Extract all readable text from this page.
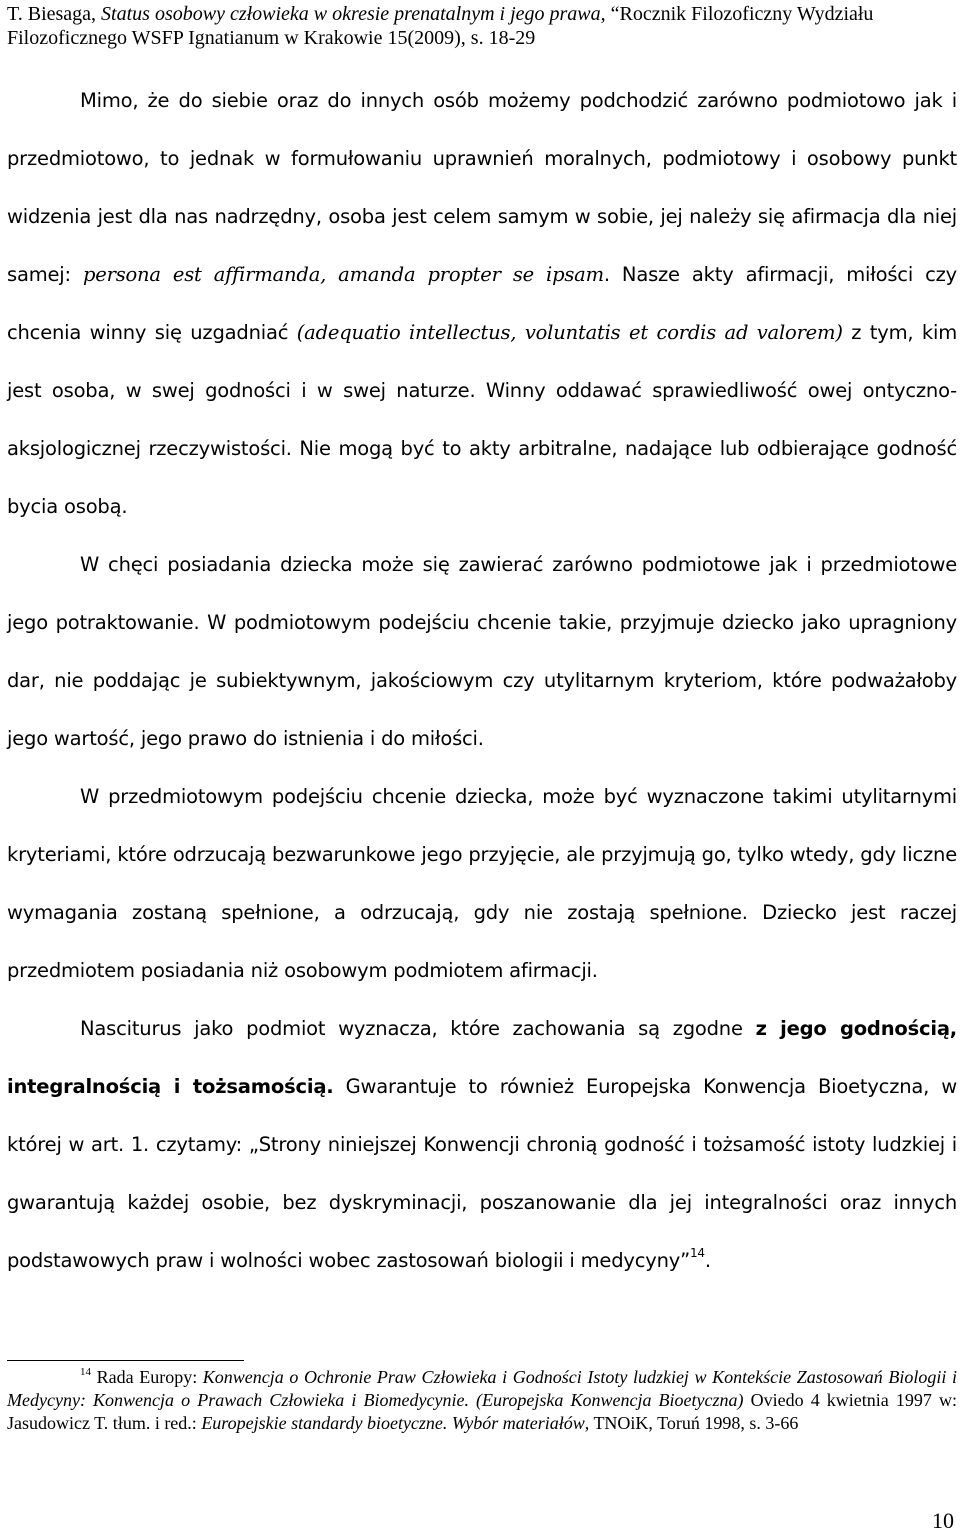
T. Biesaga, Status osobowy człowieka w okresie prenatalnym i jego prawa, “Rocznik Filozoficzny Wydziału Filozoficznego WSFP Ignatianum w Krakowie 15(2009), s. 18-29

Mimo, że do siebie oraz do innych osób możemy podchodzić zarówno podmiotowo jak i przedmiotowo, to jednak w formułowaniu uprawnień moralnych, podmiotowy i osobowy punkt widzenia jest dla nas nadrzędny, osoba jest celem samym w sobie, jej należy się afirmacja dla niej samej: persona est affirmanda, amanda propter se ipsam. Nasze akty afirmacji, miłości czy chcenia winny się uzgadniać (adequatio intellectus, voluntatis et cordis ad valorem) z tym, kim jest osoba, w swej godności i w swej naturze. Winny oddawać sprawiedliwość owej ontyczno-aksjologicznej rzeczywistości. Nie mogą być to akty arbitralne, nadające lub odbierające godność bycia osobą.

W chęci posiadania dziecka może się zawierać zarówno podmiotowe jak i przedmiotowe jego potraktowanie. W podmiotowym podejściu chcenie takie, przyjmuje dziecko jako upragniony dar, nie poddając je subiektywnym, jakościowym czy utylitarnym kryteriom, które podważałoby jego wartość, jego prawo do istnienia i do miłości.

W przedmiotowym podejściu chcenie dziecka, może być wyznaczone takimi utylitarnymi kryteriami, które odrzucają bezwarunkowe jego przyjęcie, ale przyjmują go, tylko wtedy, gdy liczne wymagania zostaną spełnione, a odrzucają, gdy nie zostają spełnione. Dziecko jest raczej przedmiotem posiadania niż osobowym podmiotem afirmacji.

Nasciturus jako podmiot wyznacza, które zachowania są zgodne z jego godnością, integralnością i tożsamością. Gwarantuje to również Europejska Konwencja Bioetyczna, w której w art. 1. czytamy: „Strony niniejszej Konwencji chronią godność i tożsamość istoty ludzkiej i gwarantują każdej osobie, bez dyskryminacji, poszanowanie dla jej integralności oraz innych podstawowych praw i wolności wobec zastosowań biologii i medycyny”$^{14}$.

$^{14}$ Rada Europy: Konwencja o Ochronie Praw Człowieka i Godności Istoty ludzkiej w Kontekście Zastosowań Biologii i Medycyny: Konwencja o Prawach Człowieka i Biomedycynie. (Europejska Konwencja Bioetyczna) Oviedo 4 kwietnia 1997 w: Jasudowicz T. tłum. i red.: Europejskie standardy bioetyczne. Wybór materiałów, TNOiK, Toruń 1998, s. 3-66
10
